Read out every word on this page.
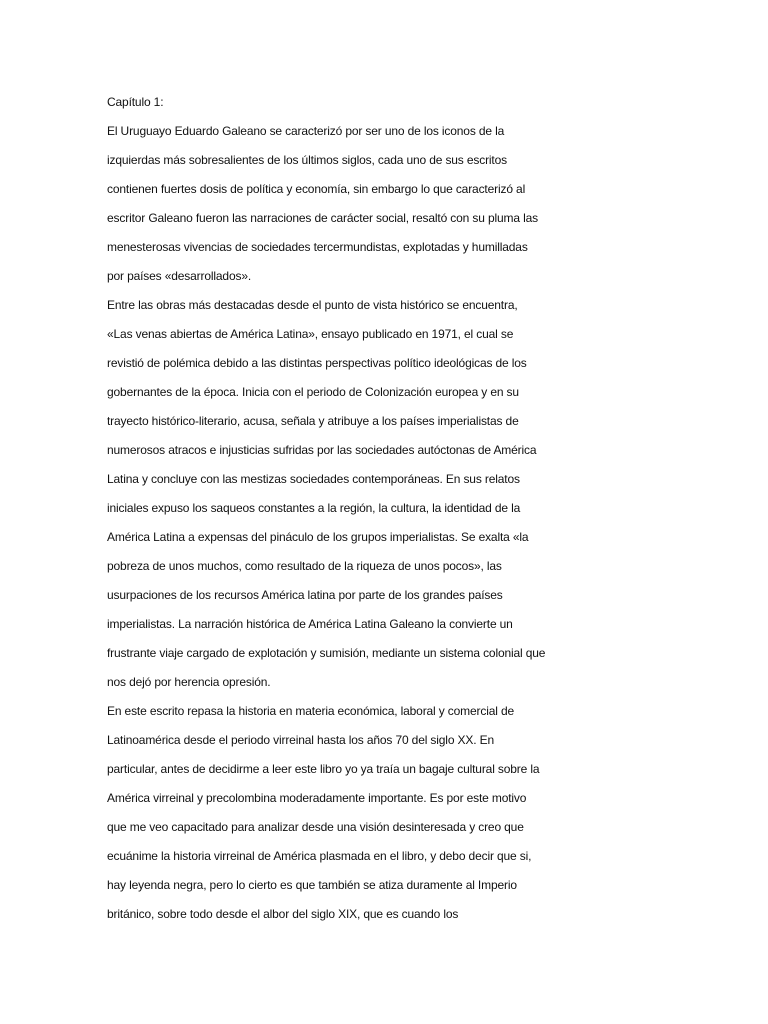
Capítulo 1:
El Uruguayo Eduardo Galeano se caracterizó por ser uno de los iconos de la
izquierdas más sobresalientes de los últimos siglos, cada uno de sus escritos
contienen fuertes dosis de política y economía, sin embargo lo que caracterizó al
escritor Galeano fueron las narraciones de carácter social, resaltó con su pluma las
menesterosas vivencias de sociedades tercermundistas, explotadas y humilladas
por países «desarrollados».
Entre las obras más destacadas desde el punto de vista histórico se encuentra,
«Las venas abiertas de América Latina», ensayo publicado en 1971, el cual se
revistió de polémica debido a las distintas perspectivas político ideológicas de los
gobernantes de la época. Inicia con el periodo de Colonización europea y en su
trayecto histórico-literario, acusa, señala y atribuye a los países imperialistas de
numerosos atracos e injusticias sufridas por las sociedades autóctonas de América
Latina y concluye con las mestizas sociedades contemporáneas. En sus relatos
iniciales expuso los saqueos constantes a la región, la cultura, la identidad de la
América Latina a expensas del pináculo de los grupos imperialistas. Se exalta «la
pobreza de unos muchos, como resultado de la riqueza de unos pocos», las
usurpaciones de los recursos América latina por parte de los grandes países
imperialistas. La narración histórica de América Latina Galeano la convierte un
frustrante viaje cargado de explotación y sumisión, mediante un sistema colonial que
nos dejó por herencia opresión.
En este escrito repasa la historia en materia económica, laboral y comercial de
Latinoamérica desde el periodo virreinal hasta los años 70 del siglo XX. En
particular, antes de decidirme a leer este libro yo ya traía un bagaje cultural sobre la
América virreinal y precolombina moderadamente importante. Es por este motivo
que me veo capacitado para analizar desde una visión desinteresada y creo que
ecuánime la historia virreinal de América plasmada en el libro, y debo decir que si,
hay leyenda negra, pero lo cierto es que también se atiza duramente al Imperio
británico, sobre todo desde el albor del siglo XIX, que es cuando los
